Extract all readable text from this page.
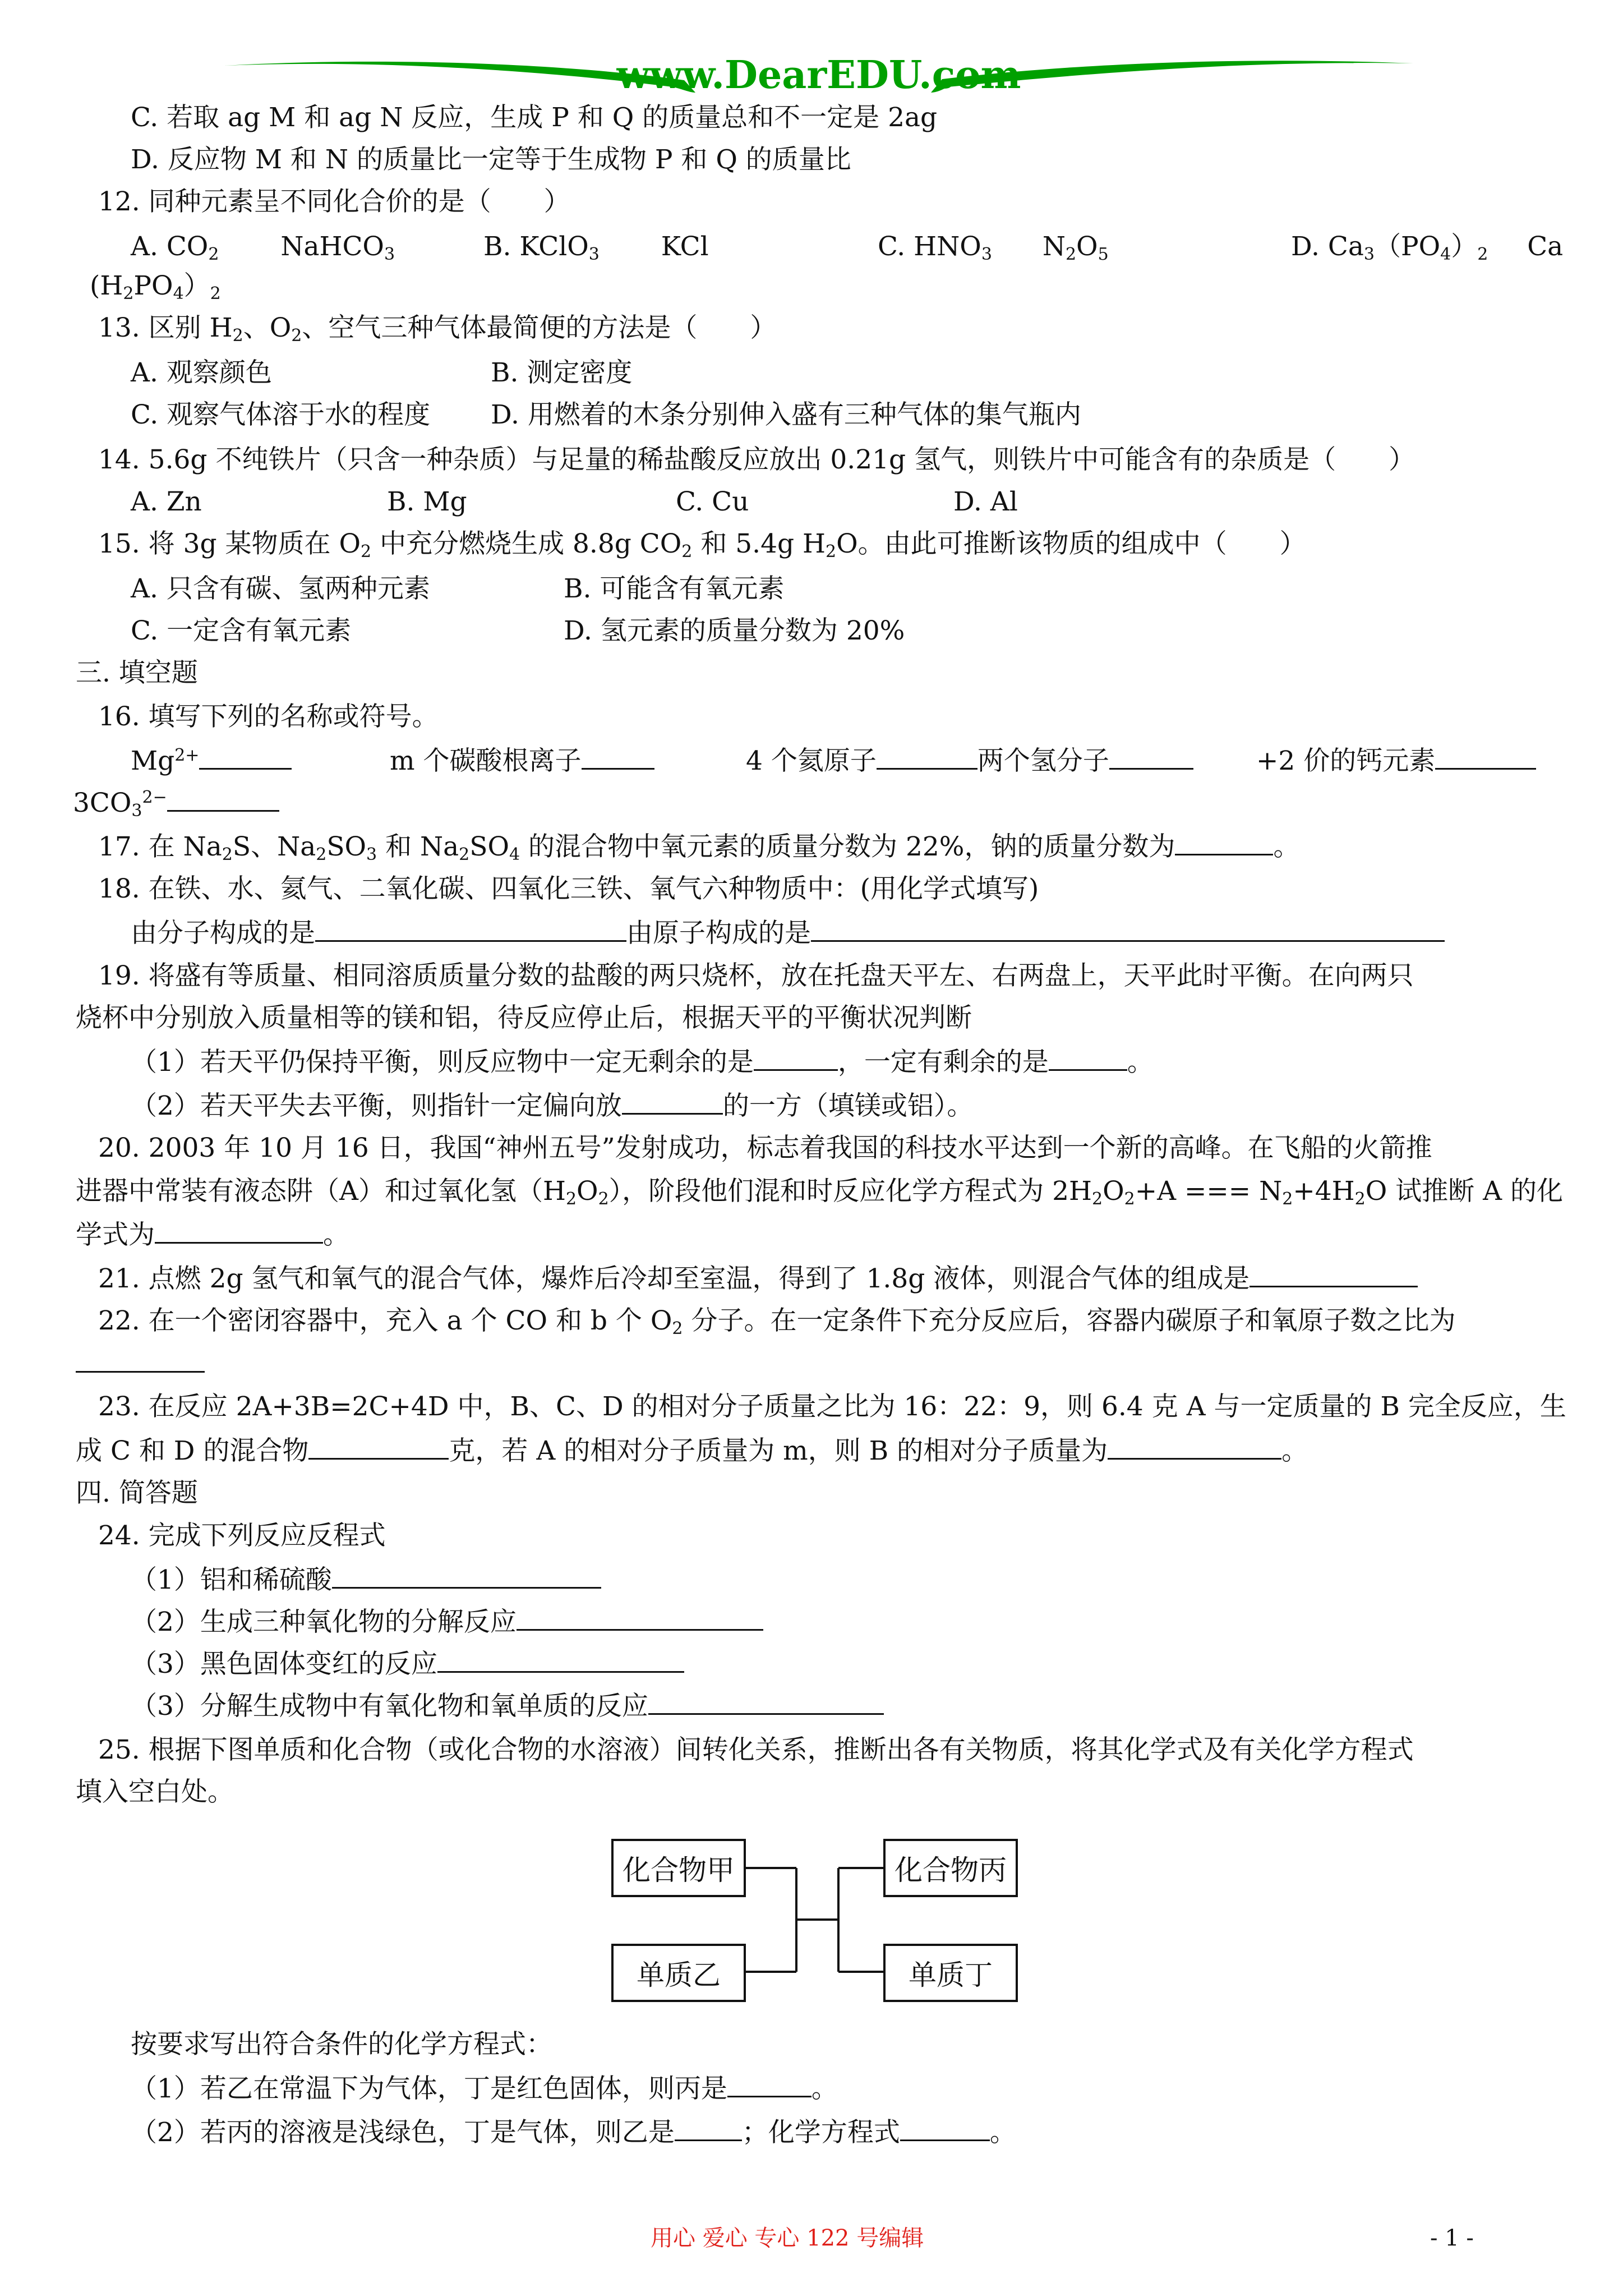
www.DearEDU.com
C. 若取 ag M 和 ag N 反应，生成 P 和 Q 的质量总和不一定是 2ag
D. 反应物 M 和 N 的质量比一定等于生成物 P 和 Q 的质量比
12. 同种元素呈不同化合价的是（　　）
A. $CO_2$ NaHCO$_3$	B. KClO$_3$ KCl	C. $HNO_3$ $N_2O_5$	D. $Ca_3(PO_4)_2$ Ca
$(H_2PO_4)_2$
13. 区别 $H_2$、$O_2$、空气三种气体最简便的方法是（　　）
A. 观察颜色	B. 测定密度
C. 观察气体溶于水的程度 D. 用燃着的木条分别伸入盛有三种气体的集气瓶内
14. 5.6g 不纯铁片（只含一种杂质）与足量的稀盐酸反应放出 0.21g 氢气，则铁片中可能含有的杂质是（　　）
A. Zn	B. Mg	C. Cu	D. Al
15. 将 3g 某物质在 $O_2$ 中充分燃烧生成 8.8g $CO_2$ 和 5.4g $H_2O$。由此可推断该物质的组成中（　　）
A. 只含有碳、氢两种元素	B. 可能含有氧元素
C. 一定含有氧元素	D. 氢元素的质量分数为 20%
三. 填空题
16. 填写下列的名称或符号。
$Mg^{2+}$	m 个碳酸根离子	4 个氦原子	两个氢分子	+2 价的钙元素
$3CO_3^{2-}$
17. 在 $Na_2S$、$Na_2SO_3$ 和 $Na_2SO_4$ 的混合物中氧元素的质量分数为 22%，钠的质量分数为	。
18. 在铁、水、氦气、二氧化碳、四氧化三铁、氧气六种物质中：(用化学式填写)
由分子构成的是	由原子构成的是
19. 将盛有等质量、相同溶质质量分数的盐酸的两只烧杯，放在托盘天平左、右两盘上，天平此时平衡。在向两只
烧杯中分别放入质量相等的镁和铝，待反应停止后，根据天平的平衡状况判断
（1）若天平仍保持平衡，则反应物中一定无剩余的是	，一定有剩余的是	。
（2）若天平失去平衡，则指针一定偏向放	的一方（填镁或铝）。
20. 2003 年 10 月 16 日，我国“神州五号”发射成功，标志着我国的科技水平达到一个新的高峰。在飞船的火箭推
进器中常装有液态阱（A）和过氧化氢$(H_2O_2)$，阶段他们混和时反应化学方程式为 $2H_2O_2+A$ === $N_2+4H_2O$ 试推断 A 的化
学式为	。
21. 点燃 2g 氢气和氧气的混合气体，爆炸后冷却至室温，得到了 1.8g 液体，则混合气体的组成是
22. 在一个密闭容器中，充入 a 个 CO 和 b 个 $O_2$ 分子。在一定条件下充分反应后，容器内碳原子和氧原子数之比为
23. 在反应 2A+3B=2C+4D 中，B、C、D 的相对分子质量之比为 16：22：9，则 6.4 克 A 与一定质量的 B 完全反应，生
成 C 和 D 的混合物	克，若 A 的相对分子质量为 m，则 B 的相对分子质量为	。
四. 简答题
24. 完成下列反应反程式
（1）铝和稀硫酸
（2）生成三种氧化物的分解反应
（3）黑色固体变红的反应
（3）分解生成物中有氧化物和氧单质的反应
25. 根据下图单质和化合物（或化合物的水溶液）间转化关系，推断出各有关物质，将其化学式及有关化学方程式
填入空白处。
化合物甲
单质乙
化合物丙
单质丁
按要求写出符合条件的化学方程式：
（1）若乙在常温下为气体，丁是红色固体，则丙是	。
（2）若丙的溶液是浅绿色，丁是气体，则乙是	；化学方程式	。
用心 爱心 专心 122 号编辑	- 1 -
